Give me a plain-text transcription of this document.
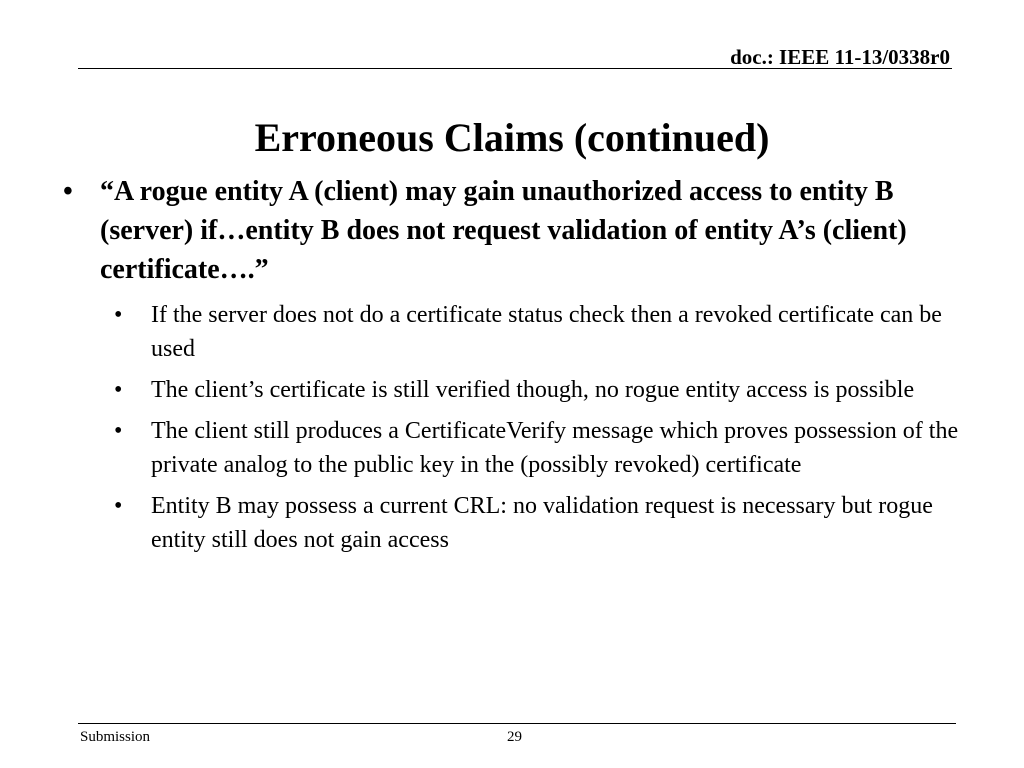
doc.: IEEE 11-13/0338r0
Erroneous Claims (continued)
• “A rogue entity A (client) may gain unauthorized access to entity B (server) if…entity B does not request validation of entity A’s (client) certificate….”
• If the server does not do a certificate status check then a revoked certificate can be used
• The client’s certificate is still verified though, no rogue entity access is possible
• The client still produces a CertificateVerify message which proves possession of the private analog to the public key in the (possibly revoked) certificate
• Entity B may possess a current CRL: no validation request is necessary but rogue entity still does not gain access
Submission	29
